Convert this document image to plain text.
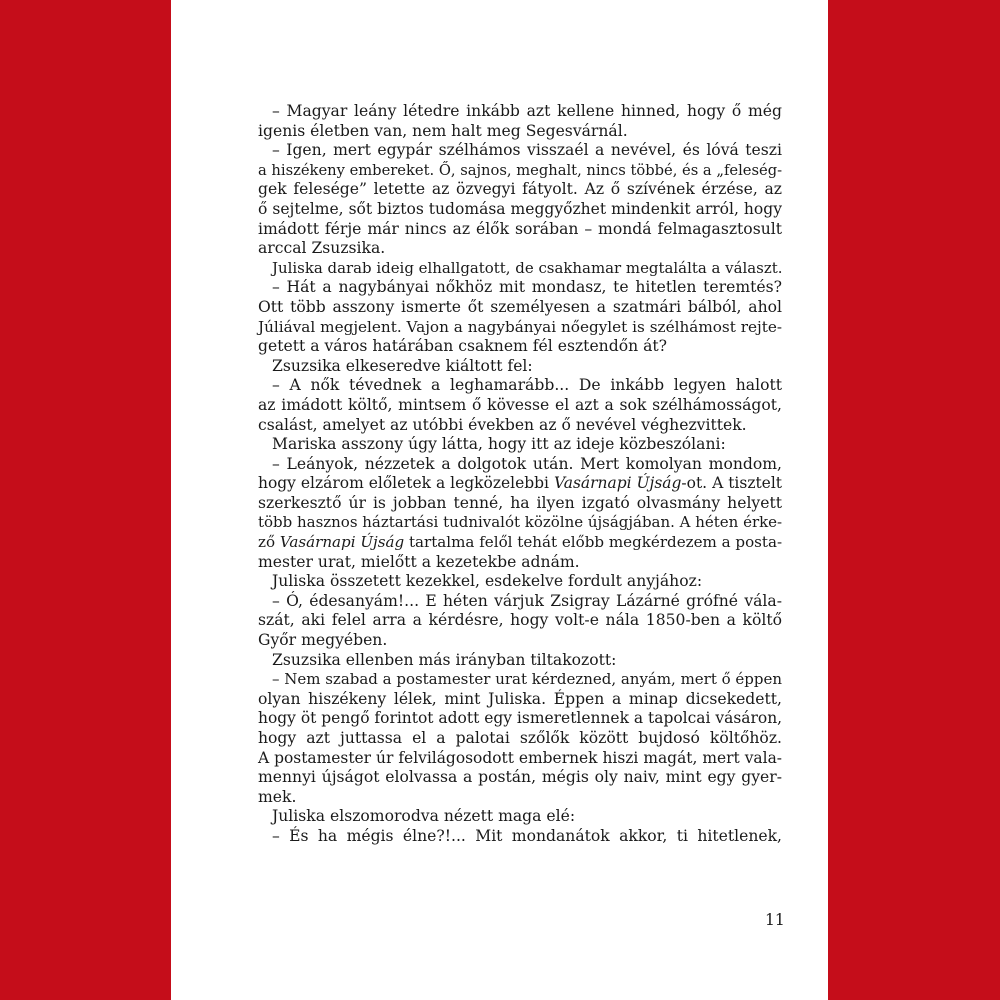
– Magyar leány létedre inkább azt kellene hinned, hogy ő még
igenis életben van, nem halt meg Segesvárnál.
– Igen, mert egypár szélhámos visszaél a nevével, és lóvá teszi
a hiszékeny embereket. Ő, sajnos, meghalt, nincs többé, és a „feleség-
gek felesége” letette az özvegyi fátyolt. Az ő szívének érzése, az
ő sejtelme, sőt biztos tudomása meggyőzhet mindenkit arról, hogy
imádott férje már nincs az élők sorában – mondá felmagasztosult
arccal Zsuzsika.
Juliska darab ideig elhallgatott, de csakhamar megtalálta a választ.
– Hát a nagybányai nőkhöz mit mondasz, te hitetlen teremtés?
Ott több asszony ismerte őt személyesen a szatmári bálból, ahol
Júliával megjelent. Vajon a nagybányai nőegylet is szélhámost rejte-
getett a város határában csaknem fél esztendőn át?
Zsuzsika elkeseredve kiáltott fel:
– A nők tévednek a leghamarább... De inkább legyen halott
az imádott költő, mintsem ő kövesse el azt a sok szélhámosságot,
csalást, amelyet az utóbbi években az ő nevével véghezvittek.
Mariska asszony úgy látta, hogy itt az ideje közbeszólani:
– Leányok, nézzetek a dolgotok után. Mert komolyan mondom,
hogy elzárom előletek a legközelebbi Vasárnapi Újság-ot. A tisztelt
szerkesztő úr is jobban tenné, ha ilyen izgató olvasmány helyett
több hasznos háztartási tudnivalót közölne újságjában. A héten érke-
ző Vasárnapi Újság tartalma felől tehát előbb megkérdezem a posta-
mester urat, mielőtt a kezetekbe adnám.
Juliska összetett kezekkel, esdekelve fordult anyjához:
– Ó, édesanyám!... E héten várjuk Zsigray Lázárné grófné vála-
szát, aki felel arra a kérdésre, hogy volt-e nála 1850-ben a költő
Győr megyében.
Zsuzsika ellenben más irányban tiltakozott:
– Nem szabad a postamester urat kérdezned, anyám, mert ő éppen
olyan hiszékeny lélek, mint Juliska. Éppen a minap dicsekedett,
hogy öt pengő forintot adott egy ismeretlennek a tapolcai vásáron,
hogy azt juttassa el a palotai szőlők között bujdosó költőhöz.
A postamester úr felvilágosodott embernek hiszi magát, mert vala-
mennyi újságot elolvassa a postán, mégis oly naiv, mint egy gyer-
mek.
Juliska elszomorodva nézett maga elé:
– És ha mégis élne?!... Mit mondanátok akkor, ti hitetlenek,
11
